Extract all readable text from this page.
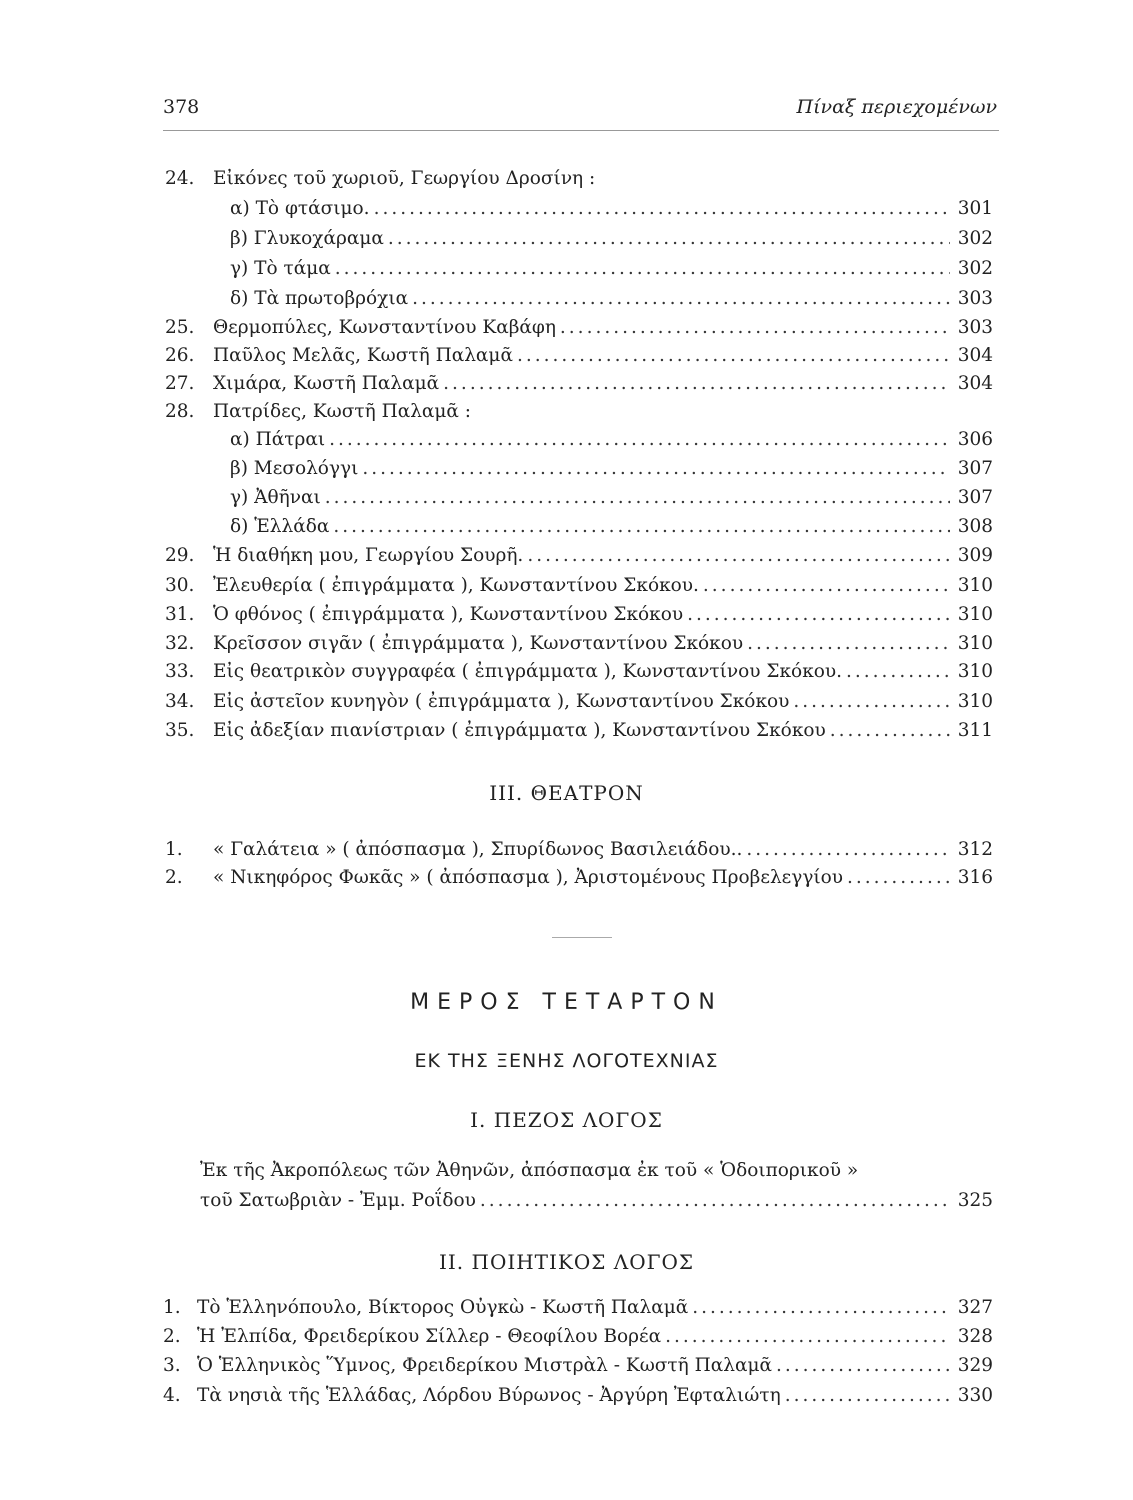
378	Πίναξ περιεχομένων
24.	Εἰκόνες τοῦ χωριοῦ, Γεωργίου Δροσίνη :
α) Τὸ φτάσιμο. .....	301
β) Γλυκοχάραμα .....	302
γ) Τὸ τάμα .....	302
δ) Τὰ πρωτοβρόχια .....	303
25.	Θερμοπύλες, Κωνσταντίνου Καβάφη .....	303
26.	Παῦλος Μελᾶς, Κωστῆ Παλαμᾶ .....	304
27.	Χιμάρα, Κωστῆ Παλαμᾶ .....	304
28.	Πατρίδες, Κωστῆ Παλαμᾶ :
α) Πάτραι .....	306
β) Μεσολόγγι .....	307
γ) Ἀθῆναι .....	307
δ) Ἑλλάδα .....	308
29.	Ἡ διαθήκη μου, Γεωργίου Σουρῆ. .....	309
30.	Ἐλευθερία ( ἐπιγράμματα ), Κωνσταντίνου Σκόκου. .....	310
31.	Ὁ φθόνος ( ἐπιγράμματα ), Κωνσταντίνου Σκόκου .....	310
32.	Κρεῖσσον σιγᾶν ( ἐπιγράμματα ), Κωνσταντίνου Σκόκου .....	310
33.	Εἰς θεατρικὸν συγγραφέα ( ἐπιγράμματα ), Κωνσταντίνου Σκόκου. .....	310
34.	Εἰς ἀστεῖον κυνηγὸν ( ἐπιγράμματα ), Κωνσταντίνου Σκόκου .....	310
35.	Εἰς ἀδεξίαν πιανίστριαν ( ἐπιγράμματα ), Κωνσταντίνου Σκόκου .....	311
ΙΙΙ. ΘΕΑΤΡΟΝ
1.	« Γαλάτεια » ( ἀπόσπασμα ), Σπυρίδωνος Βασιλειάδου.. .....	312
2.	« Νικηφόρος Φωκᾶς » ( ἀπόσπασμα ), Ἀριστομένους Προβελεγγίου .....	316
ΜΕΡΟΣ ΤΕΤΑΡΤΟΝ
ΕΚ ΤΗΣ ΞΕΝΗΣ ΛΟΓΟΤΕΧΝΙΑΣ
Ι. ΠΕΖΟΣ ΛΟΓΟΣ
Ἐκ τῆς Ἀκροπόλεως τῶν Ἀθηνῶν, ἀπόσπασμα ἐκ τοῦ « Ὁδοιπορικοῦ »
τοῦ Σατωβριὰν - Ἐμμ. Ροΐδου .....	325
ΙΙ. ΠΟΙΗΤΙΚΟΣ ΛΟΓΟΣ
1. Τὸ Ἑλληνόπουλο, Βίκτορος Οὐγκὼ - Κωστῆ Παλαμᾶ .....	327
2. Ἡ Ἐλπίδα, Φρειδερίκου Σίλλερ - Θεοφίλου Βορέα .....	328
3. Ὁ Ἑλληνικὸς Ὕμνος, Φρειδερίκου Μιστρὰλ - Κωστῆ Παλαμᾶ .....	329
4. Τὰ νησιὰ τῆς Ἑλλάδας, Λόρδου Βύρωνος - Ἀργύρη Ἐφταλιώτη .....	330
